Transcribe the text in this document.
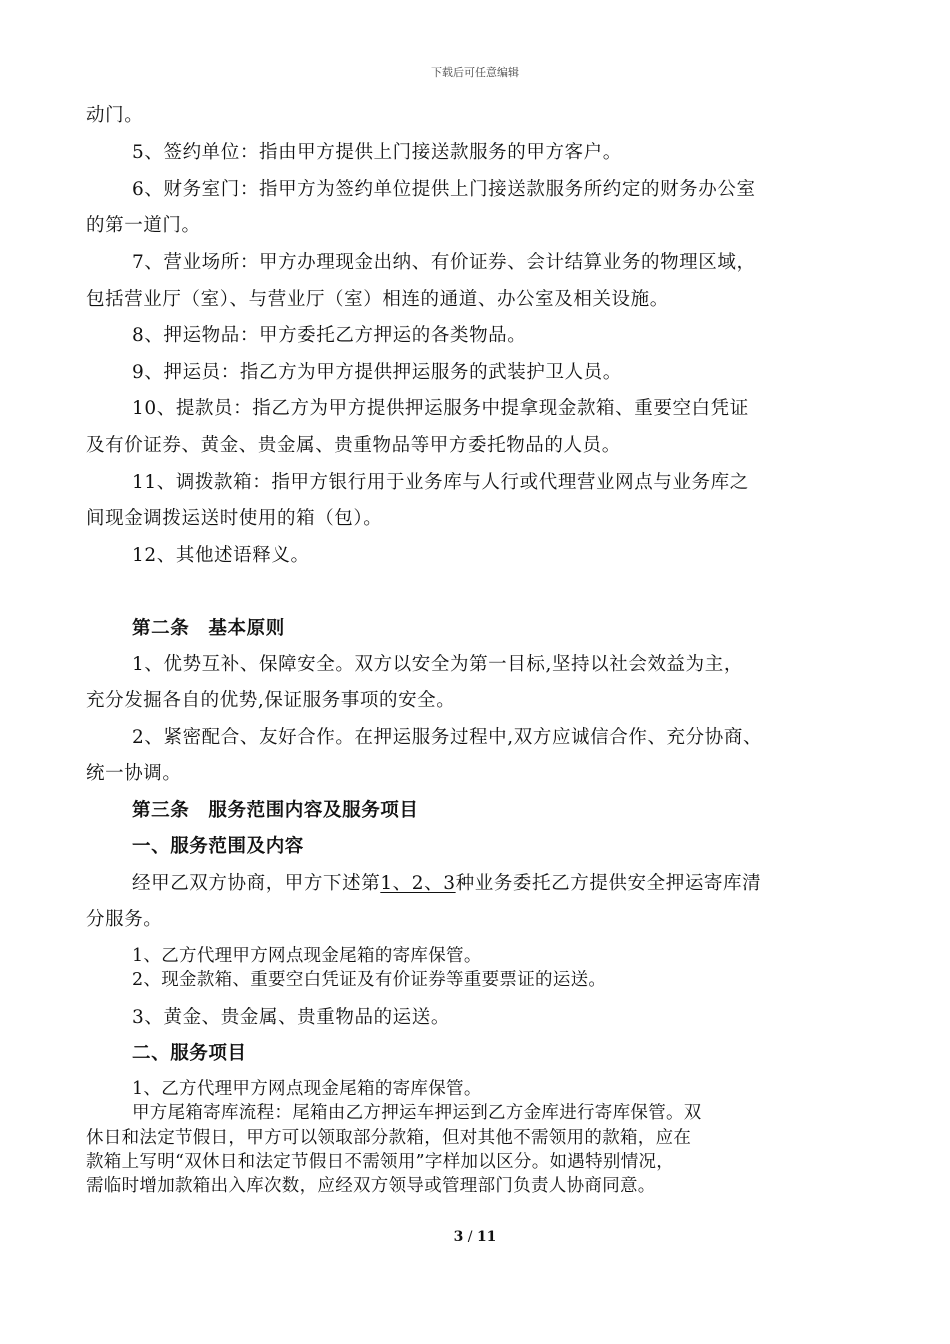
下载后可任意编辑
动门。
5、签约单位：指由甲方提供上门接送款服务的甲方客户。
6、财务室门：指甲方为签约单位提供上门接送款服务所约定的财务办公室
的第一道门。
7、营业场所：甲方办理现金出纳、有价证券、会计结算业务的物理区域，
包括营业厅（室）、与营业厅（室）相连的通道、办公室及相关设施。
8、押运物品：甲方委托乙方押运的各类物品。
9、押运员：指乙方为甲方提供押运服务的武装护卫人员。
10、提款员：指乙方为甲方提供押运服务中提拿现金款箱、重要空白凭证
及有价证券、黄金、贵金属、贵重物品等甲方委托物品的人员。
11、调拨款箱：指甲方银行用于业务库与人行或代理营业网点与业务库之
间现金调拨运送时使用的箱（包）。
12、其他述语释义。
第二条　基本原则
1、优势互补、保障安全。双方以安全为第一目标,坚持以社会效益为主，
充分发掘各自的优势,保证服务事项的安全。
2、紧密配合、友好合作。在押运服务过程中,双方应诚信合作、充分协商、
统一协调。
第三条　服务范围内容及服务项目
一、服务范围及内容
经甲乙双方协商，甲方下述第1、2、3种业务委托乙方提供安全押运寄库清
分服务。
1、乙方代理甲方网点现金尾箱的寄库保管。
2、现金款箱、重要空白凭证及有价证券等重要票证的运送。
3、黄金、贵金属、贵重物品的运送。
二、服务项目
1、乙方代理甲方网点现金尾箱的寄库保管。
甲方尾箱寄库流程：尾箱由乙方押运车押运到乙方金库进行寄库保管。双
休日和法定节假日，甲方可以领取部分款箱，但对其他不需领用的款箱，应在
款箱上写明“双休日和法定节假日不需领用”字样加以区分。如遇特别情况，
需临时增加款箱出入库次数，应经双方领导或管理部门负责人协商同意。
3 / 11
